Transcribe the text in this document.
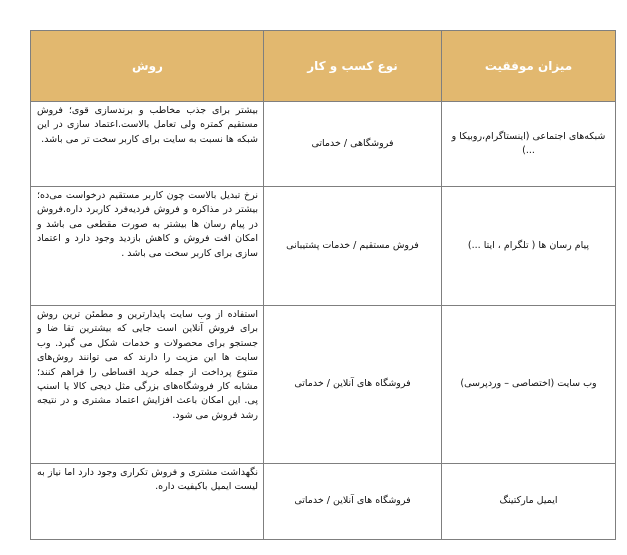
میزان موفقیت	نوع کسب و کار	روش
شبکه‌های اجتماعی (اینستاگرام،روبیکا و ...)	فروشگاهی / خدماتی	بیشتر برای جذب مخاطب و برندسازی قوی؛ فروش مستقیم کمتره ولی تعامل بالاست.اعتماد سازی در این شبکه ها نسبت به سایت برای کاربر سخت تر می باشد.
پیام رسان ها ( تلگرام ، ایتا ...)	فروش مستقیم / خدمات پشتیبانی	نرخ تبدیل بالاست چون کاربر مستقیم درخواست می‌ده؛ بیشتر در مذاکره و فروش فردیه‌فرد کاربرد داره.فروش در پیام رسان ها بیشتر به صورت مقطعی می باشد و امکان افت فروش و کاهش بازدید وجود دارد و اعتماد سازی برای کاربر سخت می باشد .
وب سایت (اختصاصی – وردپرسی)	فروشگاه های آنلاین / خدماتی	استفاده از وب سایت پایدارترین و مطمئن ترین روش برای فروش آنلاین است جایی که بیشترین تقا ضا و جستجو برای محصولات و خدمات شکل می گیرد. وب سایت ها این مزیت را دارند که می توانند روش‌های متنوع پرداخت از جمله خرید اقساطی را فراهم کنند؛ مشابه کار فروشگاه‌های بزرگی مثل دیجی کالا یا اسنپ پی. این امکان باعث افزایش اعتماد مشتری و در نتیجه رشد فروش می شود.
ایمیل مارکتینگ	فروشگاه های آنلاین / خدماتی	نگهداشت مشتری و فروش تکراری وجود دارد اما نیاز به لیست ایمیل باکیفیت داره.
